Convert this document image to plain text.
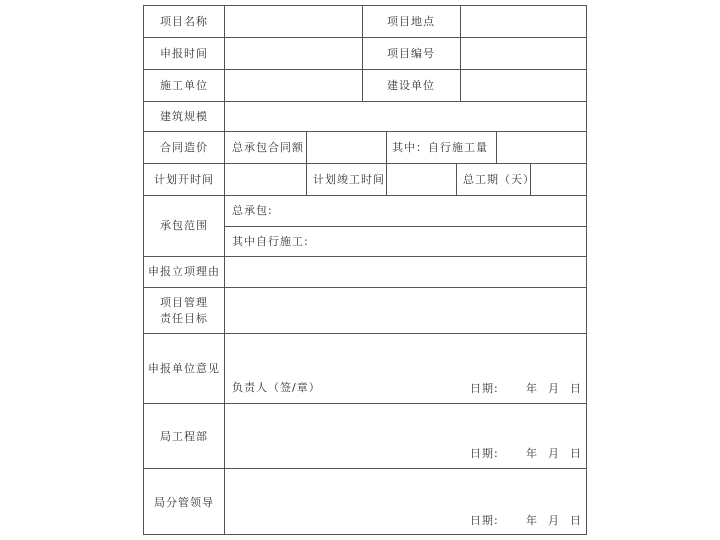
项目名称	项目地点
申报时间	项目编号
施工单位	建设单位
建筑规模
合同造价 总承包合同额	其中：自行施工量
计划开时间	计划竣工时间	总工期（天）
承包范围
总承包:
其中自行施工:
申报立项理由
项目管理
责任目标
申报单位意见
负责人（签/章）	日期: 年 月 日
局工程部
日期: 年 月 日
局分管领导
日期: 年 月 日
